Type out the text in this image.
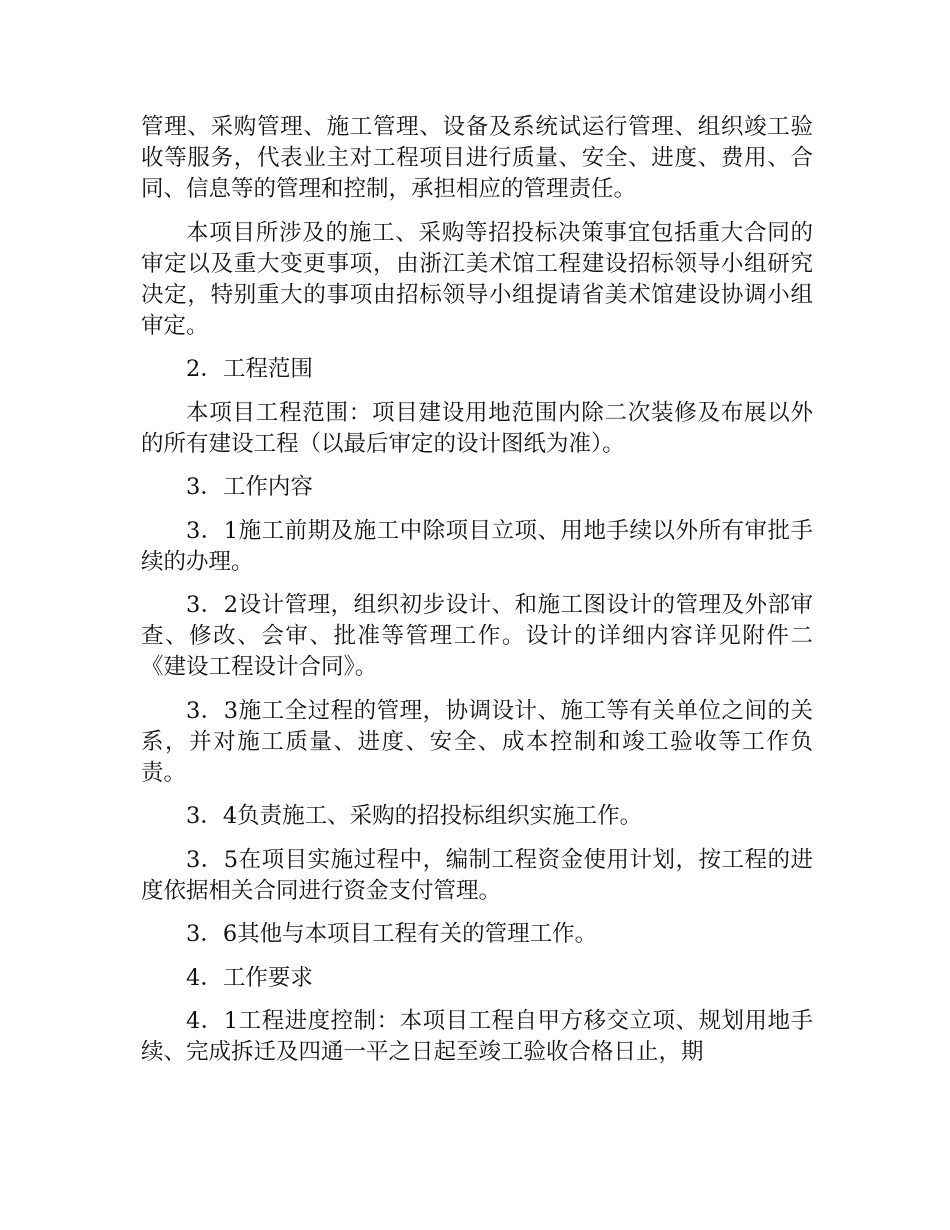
管理、采购管理、施工管理、设备及系统试运行管理、组织竣工验收等服务，代表业主对工程项目进行质量、安全、进度、费用、合同、信息等的管理和控制，承担相应的管理责任。

本项目所涉及的施工、采购等招投标决策事宜包括重大合同的审定以及重大变更事项，由浙江美术馆工程建设招标领导小组研究决定，特别重大的事项由招标领导小组提请省美术馆建设协调小组审定。

2．工程范围

本项目工程范围：项目建设用地范围内除二次装修及布展以外的所有建设工程（以最后审定的设计图纸为准）。

3．工作内容

3．1施工前期及施工中除项目立项、用地手续以外所有审批手续的办理。

3．2设计管理，组织初步设计、和施工图设计的管理及外部审查、修改、会审、批准等管理工作。设计的详细内容详见附件二《建设工程设计合同》。

3．3施工全过程的管理，协调设计、施工等有关单位之间的关系，并对施工质量、进度、安全、成本控制和竣工验收等工作负责。

3．4负责施工、采购的招投标组织实施工作。

3．5在项目实施过程中，编制工程资金使用计划，按工程的进度依据相关合同进行资金支付管理。

3．6其他与本项目工程有关的管理工作。

4．工作要求

4．1工程进度控制：本项目工程自甲方移交立项、规划用地手续、完成拆迁及四通一平之日起至竣工验收合格日止，期
